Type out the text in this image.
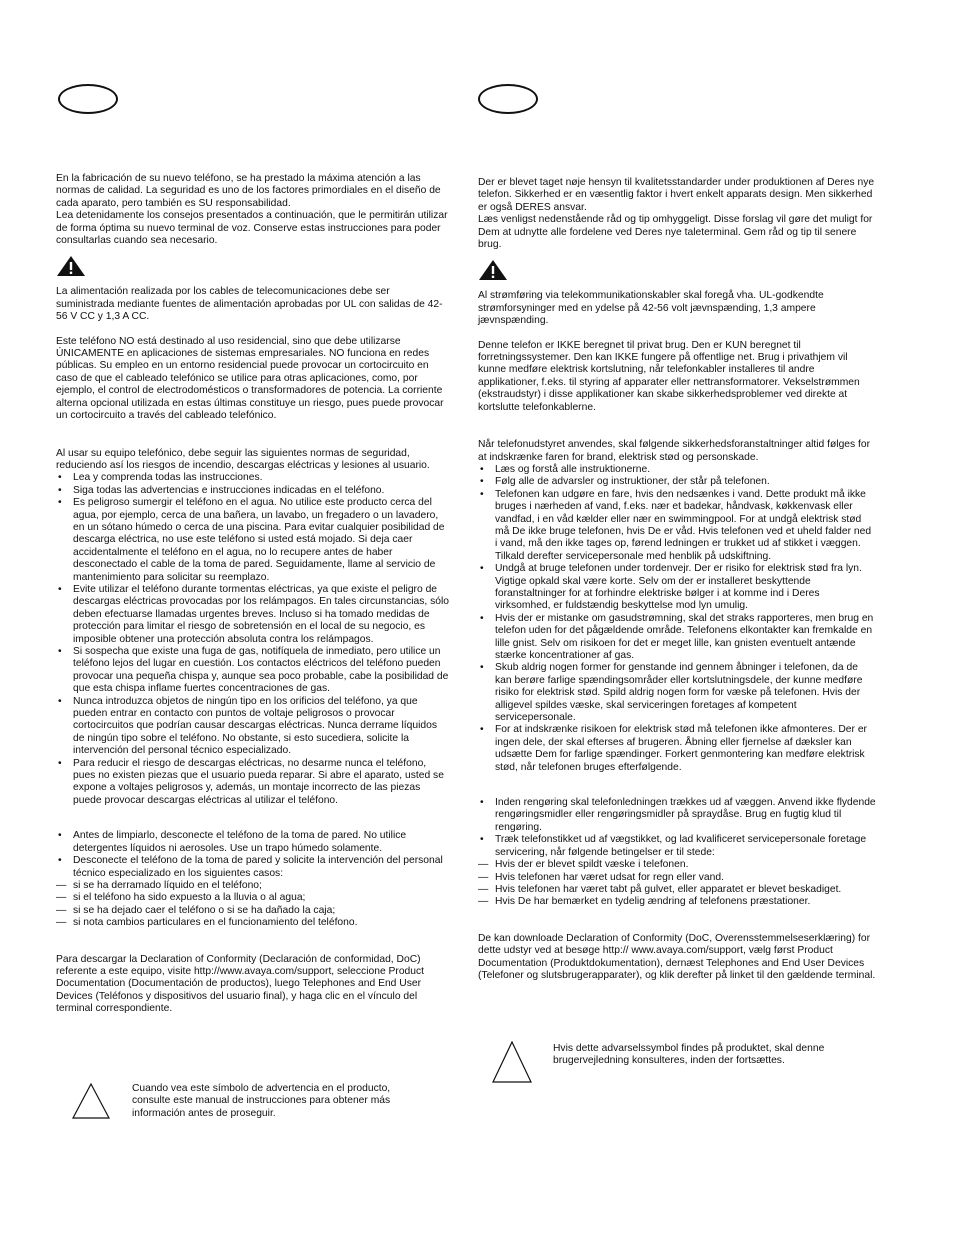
En la fabricación de su nuevo teléfono, se ha prestado la máxima atención a las normas de calidad. La seguridad es uno de los factores primordiales en el diseño de cada aparato, pero también es SU responsabilidad.

Lea detenidamente los consejos presentados a continuación, que le permitirán utilizar de forma óptima su nuevo terminal de voz. Conserve estas instrucciones para poder consultarlas cuando sea necesario.

La alimentación realizada por los cables de telecomunicaciones debe ser suministrada mediante fuentes de alimentación aprobadas por UL con salidas de 42-56 V CC y 1,3 A CC.

Este teléfono NO está destinado al uso residencial, sino que debe utilizarse ÚNICAMENTE en aplicaciones de sistemas empresariales. NO funciona en redes públicas. Su empleo en un entorno residencial puede provocar un cortocircuito en caso de que el cableado telefónico se utilice para otras aplicaciones, como, por ejemplo, el control de electrodomésticos o transformadores de potencia. La corriente alterna opcional utilizada en estas últimas constituye un riesgo, pues puede provocar un cortocircuito a través del cableado telefónico.

Al usar su equipo telefónico, debe seguir las siguientes normas de seguridad, reduciendo así los riesgos de incendio, descargas eléctricas y lesiones al usuario.

• Lea y comprenda todas las instrucciones.
• Siga todas las advertencias e instrucciones indicadas en el teléfono.
• Es peligroso sumergir el teléfono en el agua. No utilice este producto cerca del agua, por ejemplo, cerca de una bañera, un lavabo, un fregadero o un lavadero, en un sótano húmedo o cerca de una piscina. Para evitar cualquier posibilidad de descarga eléctrica, no use este teléfono si usted está mojado. Si deja caer accidentalmente el teléfono en el agua, no lo recupere antes de haber desconectado el cable de la toma de pared. Seguidamente, llame al servicio de mantenimiento para solicitar su reemplazo.
• Evite utilizar el teléfono durante tormentas eléctricas, ya que existe el peligro de descargas eléctricas provocadas por los relámpagos. En tales circunstancias, sólo deben efectuarse llamadas urgentes breves. Incluso si ha tomado medidas de protección para limitar el riesgo de sobretensión en el local de su negocio, es imposible obtener una protección absoluta contra los relámpagos.
• Si sospecha que existe una fuga de gas, notifíquela de inmediato, pero utilice un teléfono lejos del lugar en cuestión. Los contactos eléctricos del teléfono pueden provocar una pequeña chispa y, aunque sea poco probable, cabe la posibilidad de que esta chispa inflame fuertes concentraciones de gas.
• Nunca introduzca objetos de ningún tipo en los orificios del teléfono, ya que pueden entrar en contacto con puntos de voltaje peligrosos o provocar cortocircuitos que podrían causar descargas eléctricas. Nunca derrame líquidos de ningún tipo sobre el teléfono. No obstante, si esto sucediera, solicite la intervención del personal técnico especializado.
• Para reducir el riesgo de descargas eléctricas, no desarme nunca el teléfono, pues no existen piezas que el usuario pueda reparar. Si abre el aparato, usted se expone a voltajes peligrosos y, además, un montaje incorrecto de las piezas puede provocar descargas eléctricas al utilizar el teléfono.
• Antes de limpiarlo, desconecte el teléfono de la toma de pared. No utilice detergentes líquidos ni aerosoles. Use un trapo húmedo solamente.
• Desconecte el teléfono de la toma de pared y solicite la intervención del personal técnico especializado en los siguientes casos:
— si se ha derramado líquido en el teléfono;
— si el teléfono ha sido expuesto a la lluvia o al agua;
— si se ha dejado caer el teléfono o si se ha dañado la caja;
— si nota cambios particulares en el funcionamiento del teléfono.

Para descargar la Declaration of Conformity (Declaración de conformidad, DoC) referente a este equipo, visite http://www.avaya.com/support, seleccione Product Documentation (Documentación de productos), luego Telephones and End User Devices (Teléfonos y dispositivos del usuario final), y haga clic en el vínculo del terminal correspondiente.

Cuando vea este símbolo de advertencia en el producto, consulte este manual de instrucciones para obtener más información antes de proseguir.

Der er blevet taget nøje hensyn til kvalitetsstandarder under produktionen af Deres nye telefon. Sikkerhed er en væsentlig faktor i hvert enkelt apparats design. Men sikkerhed er også DERES ansvar.

Læs venligst nedenstående råd og tip omhyggeligt. Disse forslag vil gøre det muligt for Dem at udnytte alle fordelene ved Deres nye taleterminal. Gem råd og tip til senere brug.

Al strømføring via telekommunikationskabler skal foregå vha. UL-godkendte strømforsyninger med en ydelse på 42-56 volt jævnspænding, 1,3 ampere jævnspænding.

Denne telefon er IKKE beregnet til privat brug. Den er KUN beregnet til forretningssystemer. Den kan IKKE fungere på offentlige net. Brug i privathjem vil kunne medføre elektrisk kortslutning, når telefonkabler installeres til andre applikationer, f.eks. til styring af apparater eller nettransformatorer. Vekselstrømmen (ekstraudstyr) i disse applikationer kan skabe sikkerhedsproblemer ved direkte at kortslutte telefonkablerne.

Når telefonudstyret anvendes, skal følgende sikkerhedsforanstaltninger altid følges for at indskrænke faren for brand, elektrisk stød og personskade.

• Læs og forstå alle instruktionerne.
• Følg alle de advarsler og instruktioner, der står på telefonen.
• Telefonen kan udgøre en fare, hvis den nedsænkes i vand. Dette produkt må ikke bruges i nærheden af vand, f.eks. nær et badekar, håndvask, køkkenvask eller vandfad, i en våd kælder eller nær en swimmingpool. For at undgå elektrisk stød må De ikke bruge telefonen, hvis De er våd. Hvis telefonen ved et uheld falder ned i vand, må den ikke tages op, førend ledningen er trukket ud af stikket i væggen. Tilkald derefter servicepersonale med henblik på udskiftning.
• Undgå at bruge telefonen under tordenvejr. Der er risiko for elektrisk stød fra lyn. Vigtige opkald skal være korte. Selv om der er installeret beskyttende foranstaltninger for at forhindre elektriske bølger i at komme ind i Deres virksomhed, er fuldstændig beskyttelse mod lyn umulig.
• Hvis der er mistanke om gasudstrømning, skal det straks rapporteres, men brug en telefon uden for det pågældende område. Telefonens elkontakter kan fremkalde en lille gnist. Selv om risikoen for det er meget lille, kan gnisten eventuelt antænde stærke koncentrationer af gas.
• Skub aldrig nogen former for genstande ind gennem åbninger i telefonen, da de kan berøre farlige spændingsområder eller kortslutningsdele, der kunne medføre risiko for elektrisk stød. Spild aldrig nogen form for væske på telefonen. Hvis der alligevel spildes væske, skal serviceringen foretages af kompetent servicepersonale.
• For at indskrænke risikoen for elektrisk stød må telefonen ikke afmonteres. Der er ingen dele, der skal efterses af brugeren. Åbning eller fjernelse af dæksler kan udsætte Dem for farlige spændinger. Forkert genmontering kan medføre elektrisk stød, når telefonen bruges efterfølgende.
• Inden rengøring skal telefonledningen trækkes ud af væggen. Anvend ikke flydende rengøringsmidler eller rengøringsmidler på spraydåse. Brug en fugtig klud til rengøring.
• Træk telefonstikket ud af vægstikket, og lad kvalificeret servicepersonale foretage servicering, når følgende betingelser er til stede:
— Hvis der er blevet spildt væske i telefonen.
— Hvis telefonen har været udsat for regn eller vand.
— Hvis telefonen har været tabt på gulvet, eller apparatet er blevet beskadiget.
— Hvis De har bemærket en tydelig ændring af telefonens præstationer.

De kan downloade Declaration of Conformity (DoC, Overensstemmelseserklæring) for dette udstyr ved at besøge http:// www.avaya.com/support, vælg først Product Documentation (Produktdokumentation), dernæst Telephones and End User Devices (Telefoner og slutsbrugerapparater), og klik derefter på linket til den gældende terminal.

Hvis dette advarselssymbol findes på produktet, skal denne brugervejledning konsulteres, inden der fortsættes.
